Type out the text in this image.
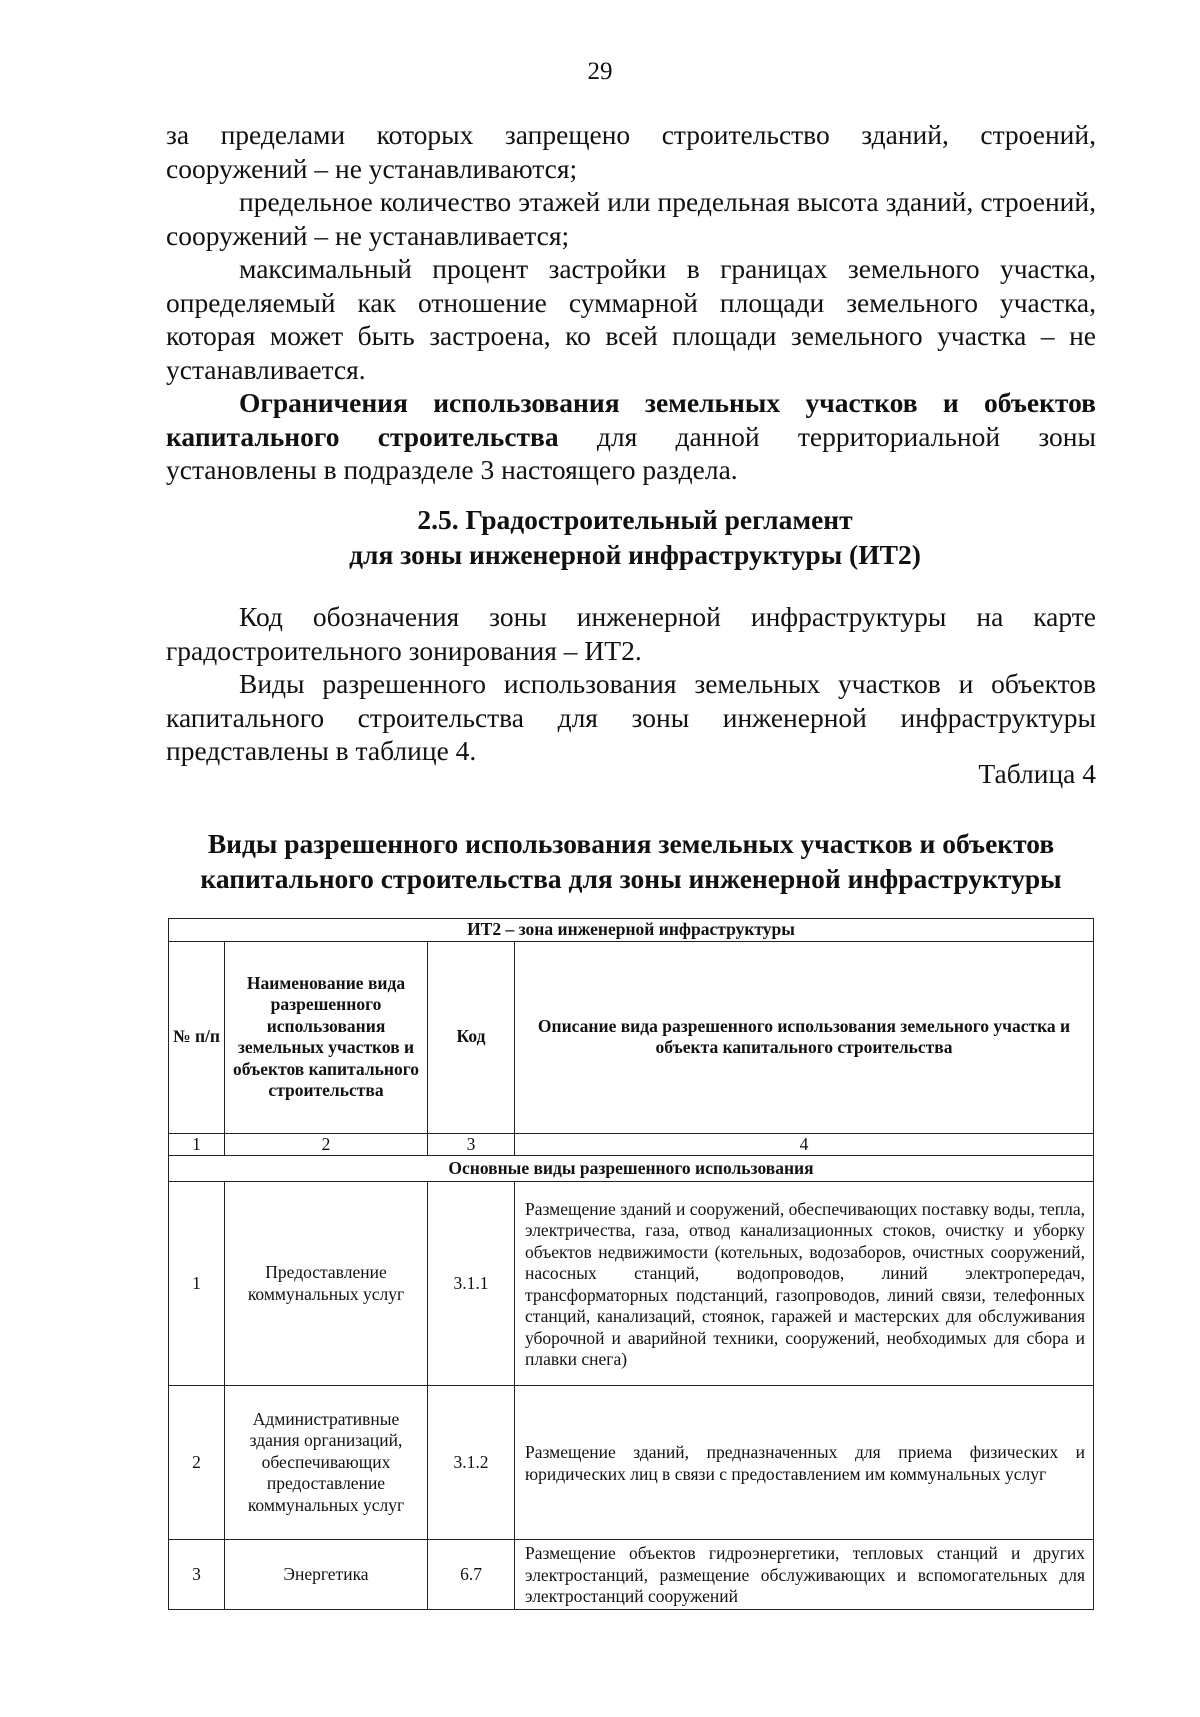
29

за пределами которых запрещено строительство зданий, строений, сооружений – не устанавливаются;

предельное количество этажей или предельная высота зданий, строений, сооружений – не устанавливается;

максимальный процент застройки в границах земельного участка, определяемый как отношение суммарной площади земельного участка, которая может быть застроена, ко всей площади земельного участка – не устанавливается.

Ограничения использования земельных участков и объектов капитального строительства для данной территориальной зоны установлены в подразделе 3 настоящего раздела.

2.5. Градостроительный регламент
для зоны инженерной инфраструктуры (ИТ2)

Код обозначения зоны инженерной инфраструктуры на карте градостроительного зонирования – ИТ2.

Виды разрешенного использования земельных участков и объектов капитального строительства для зоны инженерной инфраструктуры представлены в таблице 4.

Таблица 4
Виды разрешенного использования земельных участков и объектов
капитального строительства для зоны инженерной инфраструктуры
ИТ2 – зона инженерной инфраструктуры			
№ п/п	Наименование вида разрешенного использования земельных участков и объектов капитального строительства	Код	Описание вида разрешенного использования земельного участка и объекта капитального строительства
1	2	3	4
Основные виды разрешенного использования			
1	Предоставление коммунальных услуг	3.1.1	Размещение зданий и сооружений, обеспечивающих поставку воды, тепла, электричества, газа, отвод канализационных стоков, очистку и уборку объектов недвижимости (котельных, водозаборов, очистных сооружений, насосных станций, водопроводов, линий электропередач, трансформаторных подстанций, газопроводов, линий связи, телефонных станций, канализаций, стоянок, гаражей и мастерских для обслуживания уборочной и аварийной техники, сооружений, необходимых для сбора и плавки снега)
2	Административные здания организаций, обеспечивающих предоставление коммунальных услуг	3.1.2	Размещение зданий, предназначенных для приема физических и юридических лиц в связи с предоставлением им коммунальных услуг
3	Энергетика	6.7	Размещение объектов гидроэнергетики, тепловых станций и других электростанций, размещение обслуживающих и вспомогательных для электростанций сооружений
